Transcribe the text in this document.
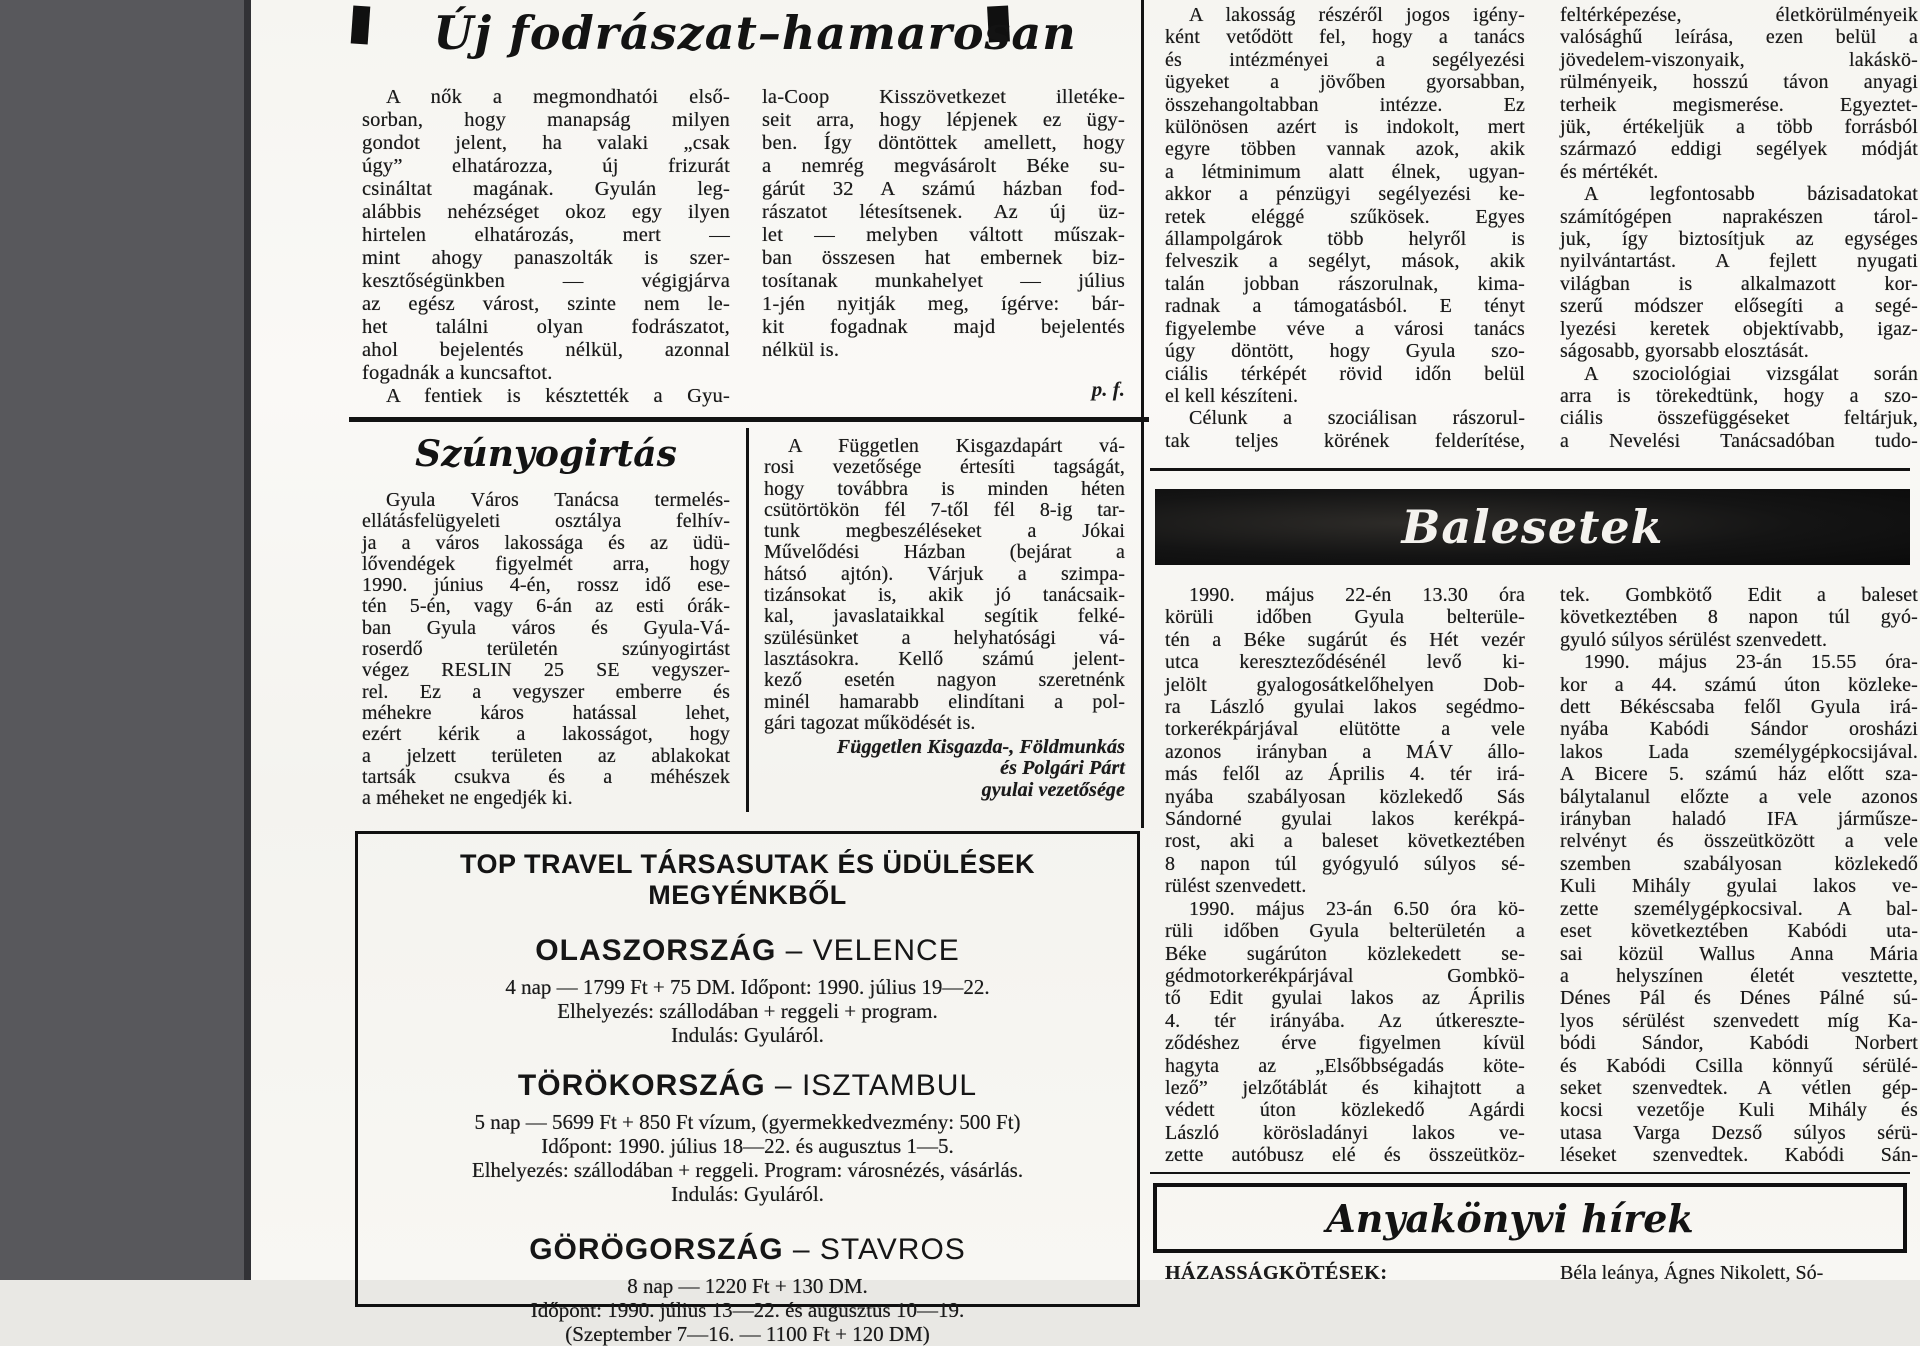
Új fodrászat–hamarosan
A nők a megmondhatói első-
sorban, hogy manapság milyen
gondot jelent, ha valaki „csak
úgy” elhatározza, új frizurát
csináltat magának. Gyulán leg-
alábbis nehézséget okoz egy ilyen
hirtelen elhatározás, mert —
mint ahogy panaszolták is szer-
kesztőségünkben — végigjárva
az egész várost, szinte nem le-
het találni olyan fodrászatot,
ahol bejelentés nélkül, azonnal
fogadnák a kuncsaftot.
A fentiek is késztették a Gyu-
la-Coop Kisszövetkezet illetéke-
seit arra, hogy lépjenek ez ügy-
ben. Így döntöttek amellett, hogy
a nemrég megvásárolt Béke su-
gárút 32 A számú házban fod-
rászatot létesítsenek. Az új üz-
let — melyben váltott műszak-
ban összesen hat embernek biz-
tosítanak munkahelyet — július
1-jén nyitják meg, ígérve: bár-
kit fogadnak majd bejelentés
nélkül is.
p. f.
Szúnyogirtás
Gyula Város Tanácsa termelés-
ellátásfelügyeleti osztálya felhív-
ja a város lakossága és az üdü-
lővendégek figyelmét arra, hogy
1990. június 4-én, rossz idő ese-
tén 5-én, vagy 6-án az esti órák-
ban Gyula város és Gyula-Vá-
roserdő területén szúnyogirtást
végez RESLIN 25 SE vegyszer-
rel. Ez a vegyszer emberre és
méhekre káros hatással lehet,
ezért kérik a lakosságot, hogy
a jelzett területen az ablakokat
tartsák csukva és a méhészek
a méheket ne engedjék ki.
A Független Kisgazdapárt vá-
rosi vezetősége értesíti tagságát,
hogy továbbra is minden héten
csütörtökön fél 7-től fél 8-ig tar-
tunk megbeszéléseket a Jókai
Művelődési Házban (bejárat a
hátsó ajtón). Várjuk a szimpa-
tizánsokat is, akik jó tanácsaik-
kal, javaslataikkal segítik felké-
szülésünket a helyhatósági vá-
lasztásokra. Kellő számú jelent-
kező esetén nagyon szeretnénk
minél hamarabb elindítani a pol-
gári tagozat működését is.
Független Kisgazda-, Földmunkás
és Polgári Párt
gyulai vezetősége
TOP TRAVEL TÁRSASUTAK ÉS ÜDÜLÉSEK MEGYÉNKBŐL
OLASZORSZÁG – VELENCE
4 nap — 1799 Ft + 75 DM. Időpont: 1990. július 19—22.
Elhelyezés: szállodában + reggeli + program.
Indulás: Gyuláról.
TÖRÖKORSZÁG – ISZTAMBUL
5 nap — 5699 Ft + 850 Ft vízum, (gyermekkedvezmény: 500 Ft)
Időpont: 1990. július 18—22. és augusztus 1—5.
Elhelyezés: szállodában + reggeli. Program: városnézés, vásárlás.
Indulás: Gyuláról.
GÖRÖGORSZÁG – STAVROS
8 nap — 1220 Ft + 130 DM.
Időpont: 1990. július 13—22. és augusztus 10—19.
(Szeptember 7—16. — 1100 Ft + 120 DM)
A lakosság részéről jogos igény-
ként vetődött fel, hogy a tanács
és intézményei a segélyezési
ügyeket a jövőben gyorsabban,
összehangoltabban intézze. Ez
különösen azért is indokolt, mert
egyre többen vannak azok, akik
a létminimum alatt élnek, ugyan-
akkor a pénzügyi segélyezési ke-
retek eléggé szűkösek. Egyes
állampolgárok több helyről is
felveszik a segélyt, mások, akik
talán jobban rászorulnak, kima-
radnak a támogatásból. E tényt
figyelembe véve a városi tanács
úgy döntött, hogy Gyula szo-
ciális térképét rövid időn belül
el kell készíteni.
Célunk a szociálisan rászorul-
tak teljes körének felderítése,
feltérképezése, életkörülményeik
valósághű leírása, ezen belül a
jövedelem-viszonyaik, lakáskö-
rülményeik, hosszú távon anyagi
terheik megismerése. Egyeztet-
jük, értékeljük a több forrásból
származó eddigi segélyek módját
és mértékét.
A legfontosabb bázisadatokat
számítógépen naprakészen tárol-
juk, így biztosítjuk az egységes
nyilvántartást. A fejlett nyugati
világban is alkalmazott kor-
szerű módszer elősegíti a segé-
lyezési keretek objektívabb, igaz-
ságosabb, gyorsabb elosztását.
A szociológiai vizsgálat során
arra is törekedtünk, hogy a szo-
ciális összefüggéseket feltárjuk,
a Nevelési Tanácsadóban tudo-
Balesetek
1990. május 22-én 13.30 óra
körüli időben Gyula belterüle-
tén a Béke sugárút és Hét vezér
utca kereszteződésénél levő ki-
jelölt gyalogosátkelőhelyen Dob-
ra László gyulai lakos segédmo-
torkerékpárjával elütötte a vele
azonos irányban a MÁV állo-
más felől az Április 4. tér irá-
nyába szabályosan közlekedő Sás
Sándorné gyulai lakos kerékpá-
rost, aki a baleset következtében
8 napon túl gyógyuló súlyos sé-
rülést szenvedett.
1990. május 23-án 6.50 óra kö-
rüli időben Gyula belterületén a
Béke sugárúton közlekedett se-
gédmotorkerékpárjával Gombkö-
tő Edit gyulai lakos az Április
4. tér irányába. Az útkereszte-
ződéshez érve figyelmen kívül
hagyta az „Elsőbbségadás köte-
lező” jelzőtáblát és kihajtott a
védett úton közlekedő Agárdi
László körösladányi lakos ve-
zette autóbusz elé és összeütköz-
tek. Gombkötő Edit a baleset
következtében 8 napon túl gyó-
gyuló súlyos sérülést szenvedett.
1990. május 23-án 15.55 óra-
kor a 44. számú úton közleke-
dett Békéscsaba felől Gyula irá-
nyába Kabódi Sándor orosházi
lakos Lada személygépkocsijával.
A Bicere 5. számú ház előtt sza-
bálytalanul előzte a vele azonos
irányban haladó IFA járműsze-
relvényt és összeütközött a vele
szemben szabályosan közlekedő
Kuli Mihály gyulai lakos ve-
zette személygépkocsival. A bal-
eset következtében Kabódi uta-
sai közül Wallus Anna Mária
a helyszínen életét vesztette,
Dénes Pál és Dénes Pálné sú-
lyos sérülést szenvedett míg Ka-
bódi Sándor, Kabódi Norbert
és Kabódi Csilla könnyű sérülé-
seket szenvedtek. A vétlen gép-
kocsi vezetője Kuli Mihály és
utasa Varga Dezső súlyos sérü-
léseket szenvedtek. Kabódi Sán-
Anyakönyvi hírek
HÁZASSÁGKÖTÉSEK:	Béla leánya, Ágnes Nikolett, Só-
